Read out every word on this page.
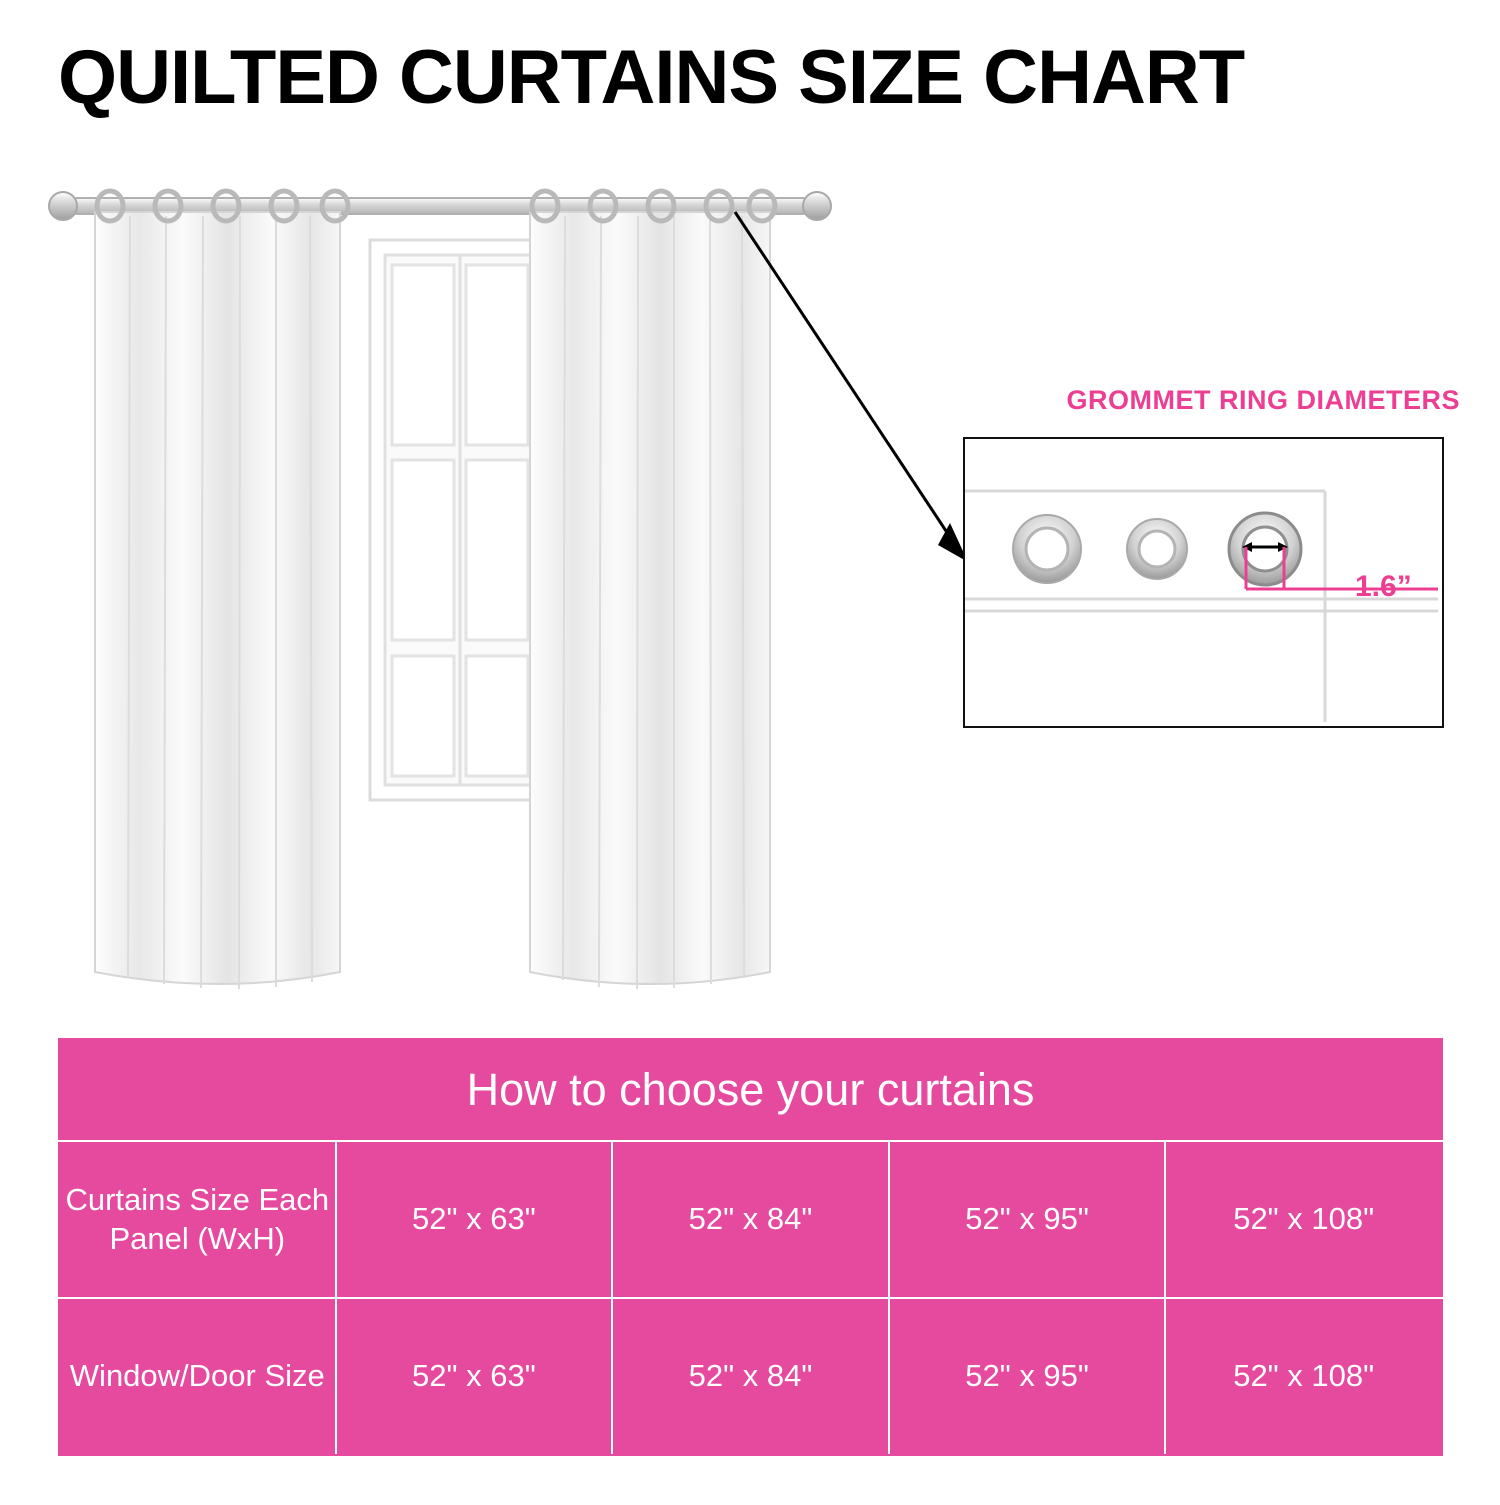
QUILTED CURTAINS SIZE CHART
GROMMET RING DIAMETERS
1.6”
How to choose your curtains				
Curtains Size Each Panel (WxH)	52" x 63"	52" x 84"	52" x 95"	52" x 108"
Window/Door Size	52" x 63"	52" x 84"	52" x 95"	52" x 108"
